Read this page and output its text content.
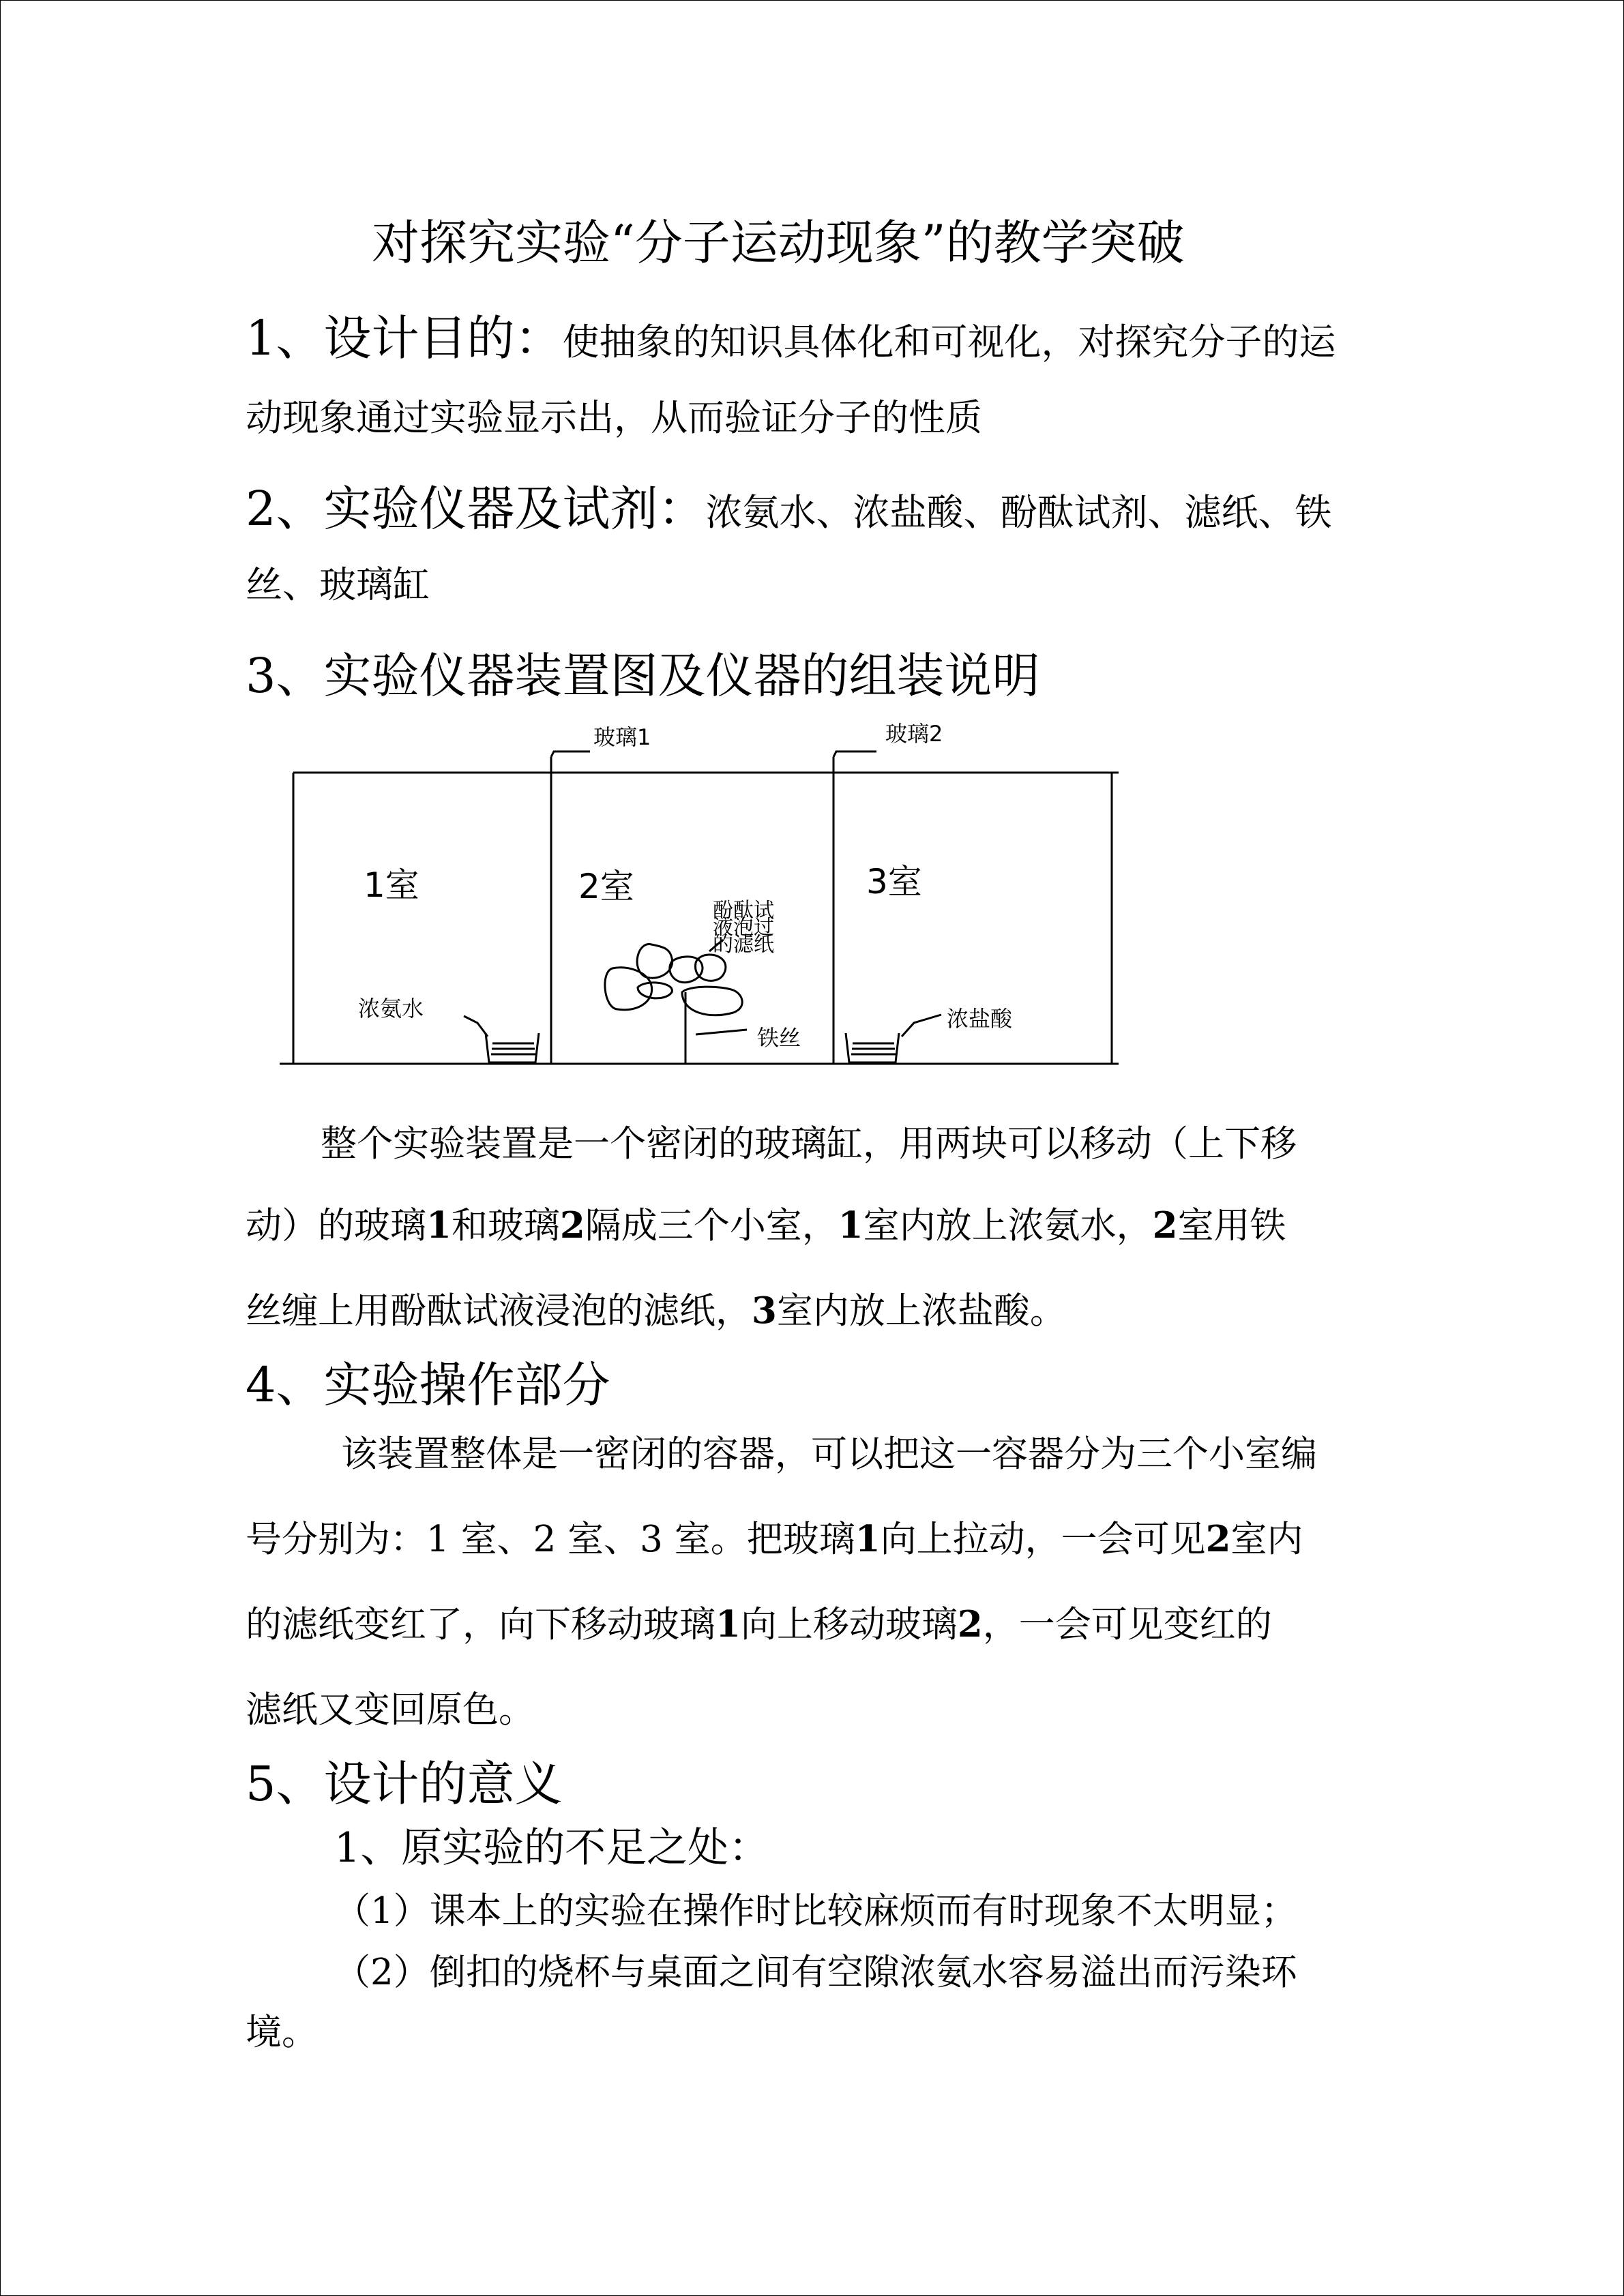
对探究实验“分子运动现象”的教学突破
1、设计目的：使抽象的知识具体化和可视化，对探究分子的运
动现象通过实验显示出，从而验证分子的性质
2、实验仪器及试剂：浓氨水、浓盐酸、酚酞试剂、滤纸、铁
丝、玻璃缸
3、实验仪器装置图及仪器的组装说明
玻璃1	玻璃2
1室	2室	3室
浓氨水	浓盐酸
铁丝
酚酞试
液泡过
的滤纸
整个实验装置是一个密闭的玻璃缸，用两块可以移动（上下移
动）的玻璃1和玻璃2隔成三个小室，1室内放上浓氨水，2室用铁
丝缠上用酚酞试液浸泡的滤纸，3室内放上浓盐酸。
4、实验操作部分
该装置整体是一密闭的容器，可以把这一容器分为三个小室编
号分别为：1 室、2 室、3 室。把玻璃1向上拉动，一会可见2室内
的滤纸变红了，向下移动玻璃1向上移动玻璃2，一会可见变红的
滤纸又变回原色。
5、设计的意义
1、原实验的不足之处：
（1）课本上的实验在操作时比较麻烦而有时现象不太明显；
（2）倒扣的烧杯与桌面之间有空隙浓氨水容易溢出而污染环
境。
